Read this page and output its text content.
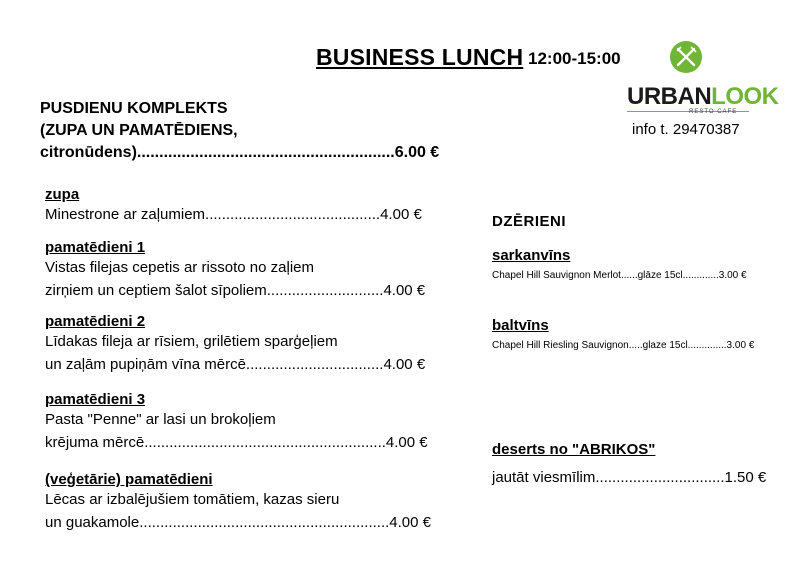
BUSINESS LUNCH 12:00-15:00
URBANLOOK
RESTO CAFE
info t. 29470387
PUSDIENU KOMPLEKTS
(ZUPA UN PAMATĒDIENS,
citronūdens)..........................................................6.00 €
zupa
Minestrone ar zaļumiem..........................................4.00 €
pamatēdieni 1
Vistas filejas cepetis ar rissoto no zaļiem
zirņiem un ceptiem šalot sīpoliem............................4.00 €
pamatēdieni 2
Līdakas fileja ar rīsiem, grilētiem sparģeļiem
un zaļām pupiņām vīna mērcē.................................4.00 €
pamatēdieni 3
Pasta "Penne" ar lasi un brokoļiem
krējuma mērcē..........................................................4.00 €
(veģetārie) pamatēdieni
Lēcas ar izbalējušiem tomātiem, kazas sieru
un guakamole............................................................4.00 €
DZĒRIENI
sarkanvīns
Chapel Hill Sauvignon Merlot......glāze 15cl.............3.00 €
baltvīns
Chapel Hill Riesling Sauvignon.....glaze 15cl..............3.00 €
deserts no "ABRIKOS"
jautāt viesmīlim...............................1.50 €
